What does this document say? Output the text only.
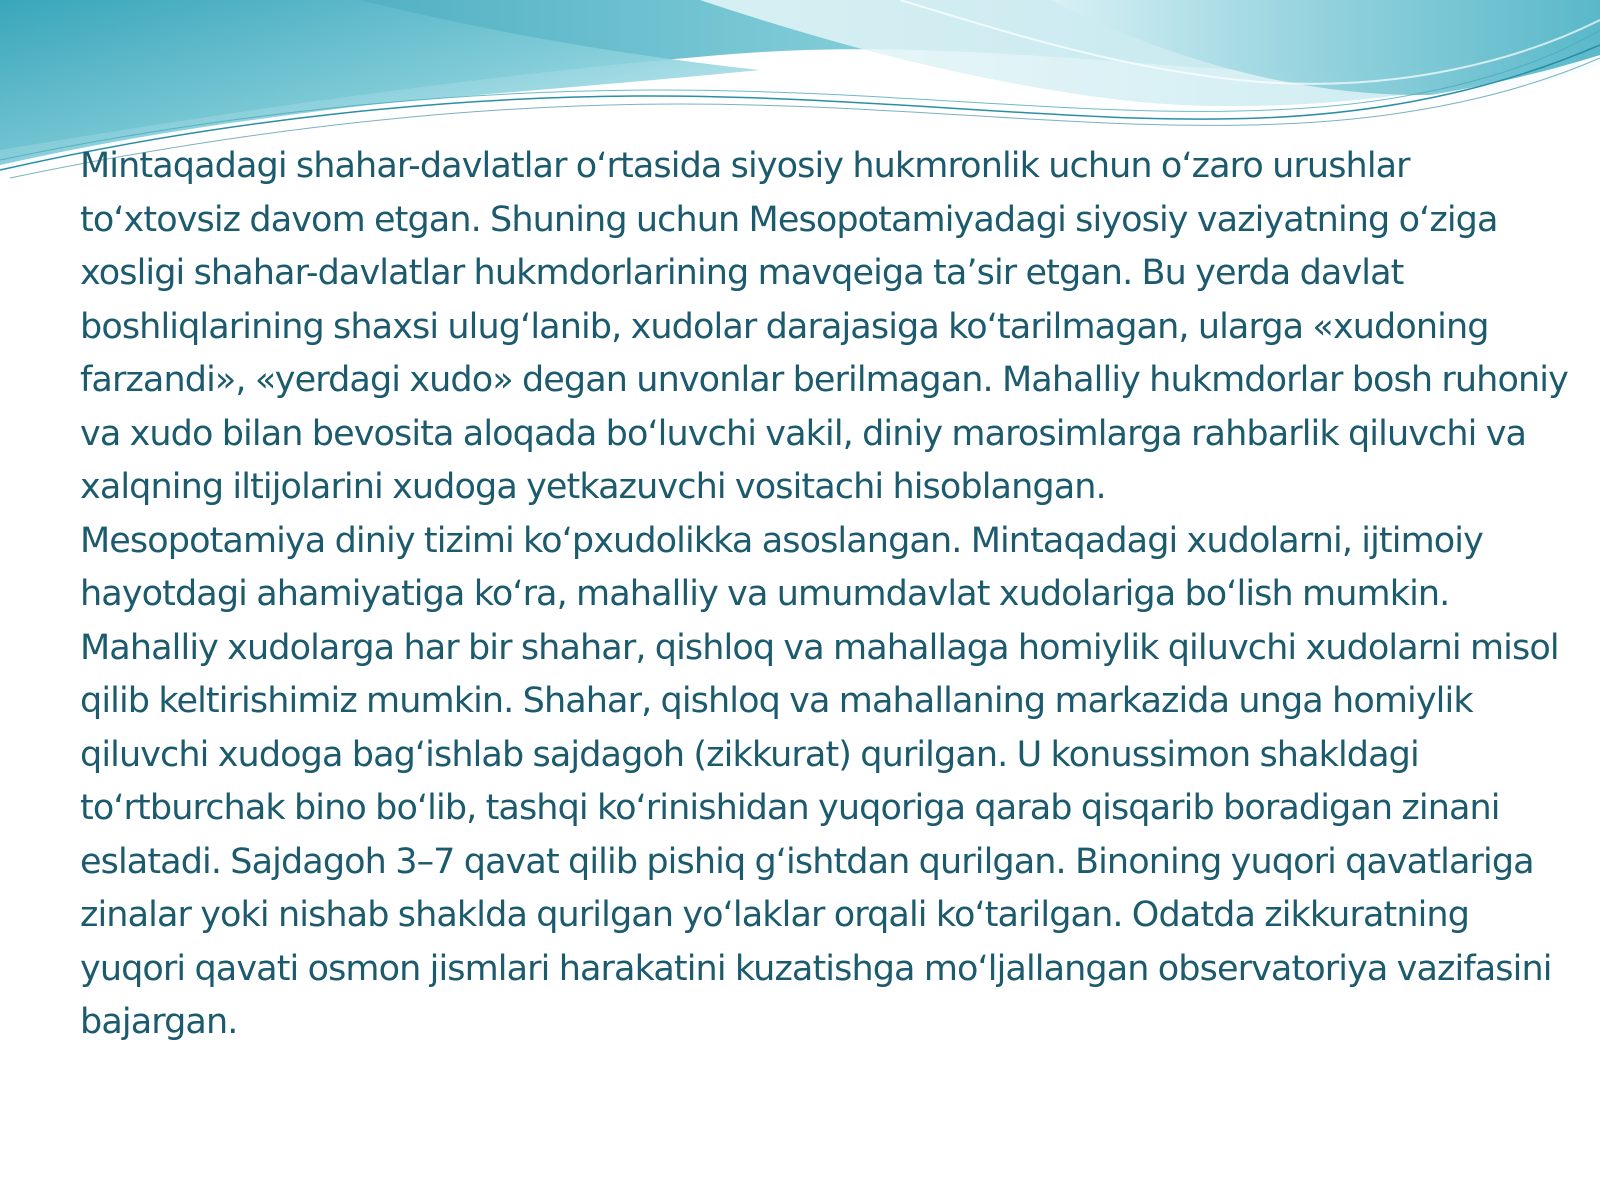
Mintaqadagi shahar-davlatlar o‘rtasida siyosiy hukmronlik uchun o‘zaro urushlar to‘xtovsiz davom etgan. Shuning uchun Mesopotamiyadagi siyosiy vaziyatning o‘ziga xosligi shahar-davlatlar hukmdorlarining mavqeiga ta’sir etgan. Bu yerda davlat boshliqlarining shaxsi ulug‘lanib, xudolar darajasiga ko‘tarilmagan, ularga «xudoning farzandi», «yerdagi xudo» degan unvonlar berilmagan. Mahalliy hukmdorlar bosh ruhoniy va xudo bilan bevosita aloqada bo‘luvchi vakil, diniy marosimlarga rahbarlik qiluvchi va xalqning iltijolarini xudoga yetkazuvchi vositachi hisoblangan.

Mesopotamiya diniy tizimi ko‘pxudolikka asoslangan. Mintaqadagi xudolarni, ijtimoiy hayotdagi ahamiyatiga ko‘ra, mahalliy va umumdavlat xudolariga bo‘lish mumkin. Mahalliy xudolarga har bir shahar, qishloq va mahallaga homiylik qiluvchi xudolarni misol qilib keltirishimiz mumkin. Shahar, qishloq va mahallaning markazida unga homiylik qiluvchi xudoga bag‘ishlab sajdagoh (zikkurat) qurilgan. U konussimon shakldagi to‘rtburchak bino bo‘lib, tashqi ko‘rinishidan yuqoriga qarab qisqarib boradigan zinani eslatadi. Sajdagoh 3–7 qavat qilib pishiq g‘ishtdan qurilgan. Binoning yuqori qavatlariga zinalar yoki nishab shaklda qurilgan yo‘laklar orqali ko‘tarilgan. Odatda zikkuratning yuqori qavati osmon jismlari harakatini kuzatishga mo‘ljallangan observatoriya vazifasini bajargan.
